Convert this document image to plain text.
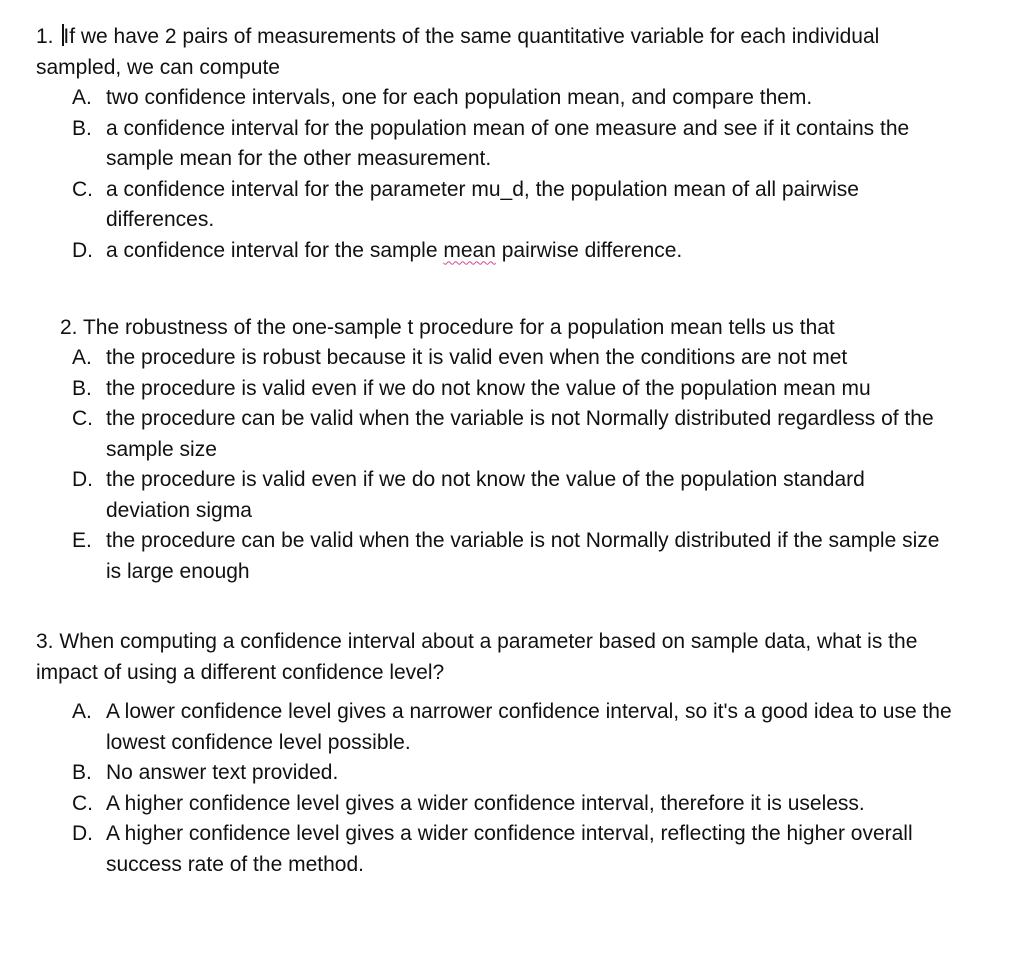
1. If we have 2 pairs of measurements of the same quantitative variable for each individual sampled, we can compute
A. two confidence intervals, one for each population mean, and compare them.
B. a confidence interval for the population mean of one measure and see if it contains the sample mean for the other measurement.
C. a confidence interval for the parameter mu_d, the population mean of all pairwise differences.
D. a confidence interval for the sample mean pairwise difference.
2. The robustness of the one-sample t procedure for a population mean tells us that
A. the procedure is robust because it is valid even when the conditions are not met
B. the procedure is valid even if we do not know the value of the population mean mu
C. the procedure can be valid when the variable is not Normally distributed regardless of the sample size
D. the procedure is valid even if we do not know the value of the population standard deviation sigma
E. the procedure can be valid when the variable is not Normally distributed if the sample size is large enough
3. When computing a confidence interval about a parameter based on sample data, what is the impact of using a different confidence level?
A. A lower confidence level gives a narrower confidence interval, so it's a good idea to use the lowest confidence level possible.
B. No answer text provided.
C. A higher confidence level gives a wider confidence interval, therefore it is useless.
D. A higher confidence level gives a wider confidence interval, reflecting the higher overall success rate of the method.
